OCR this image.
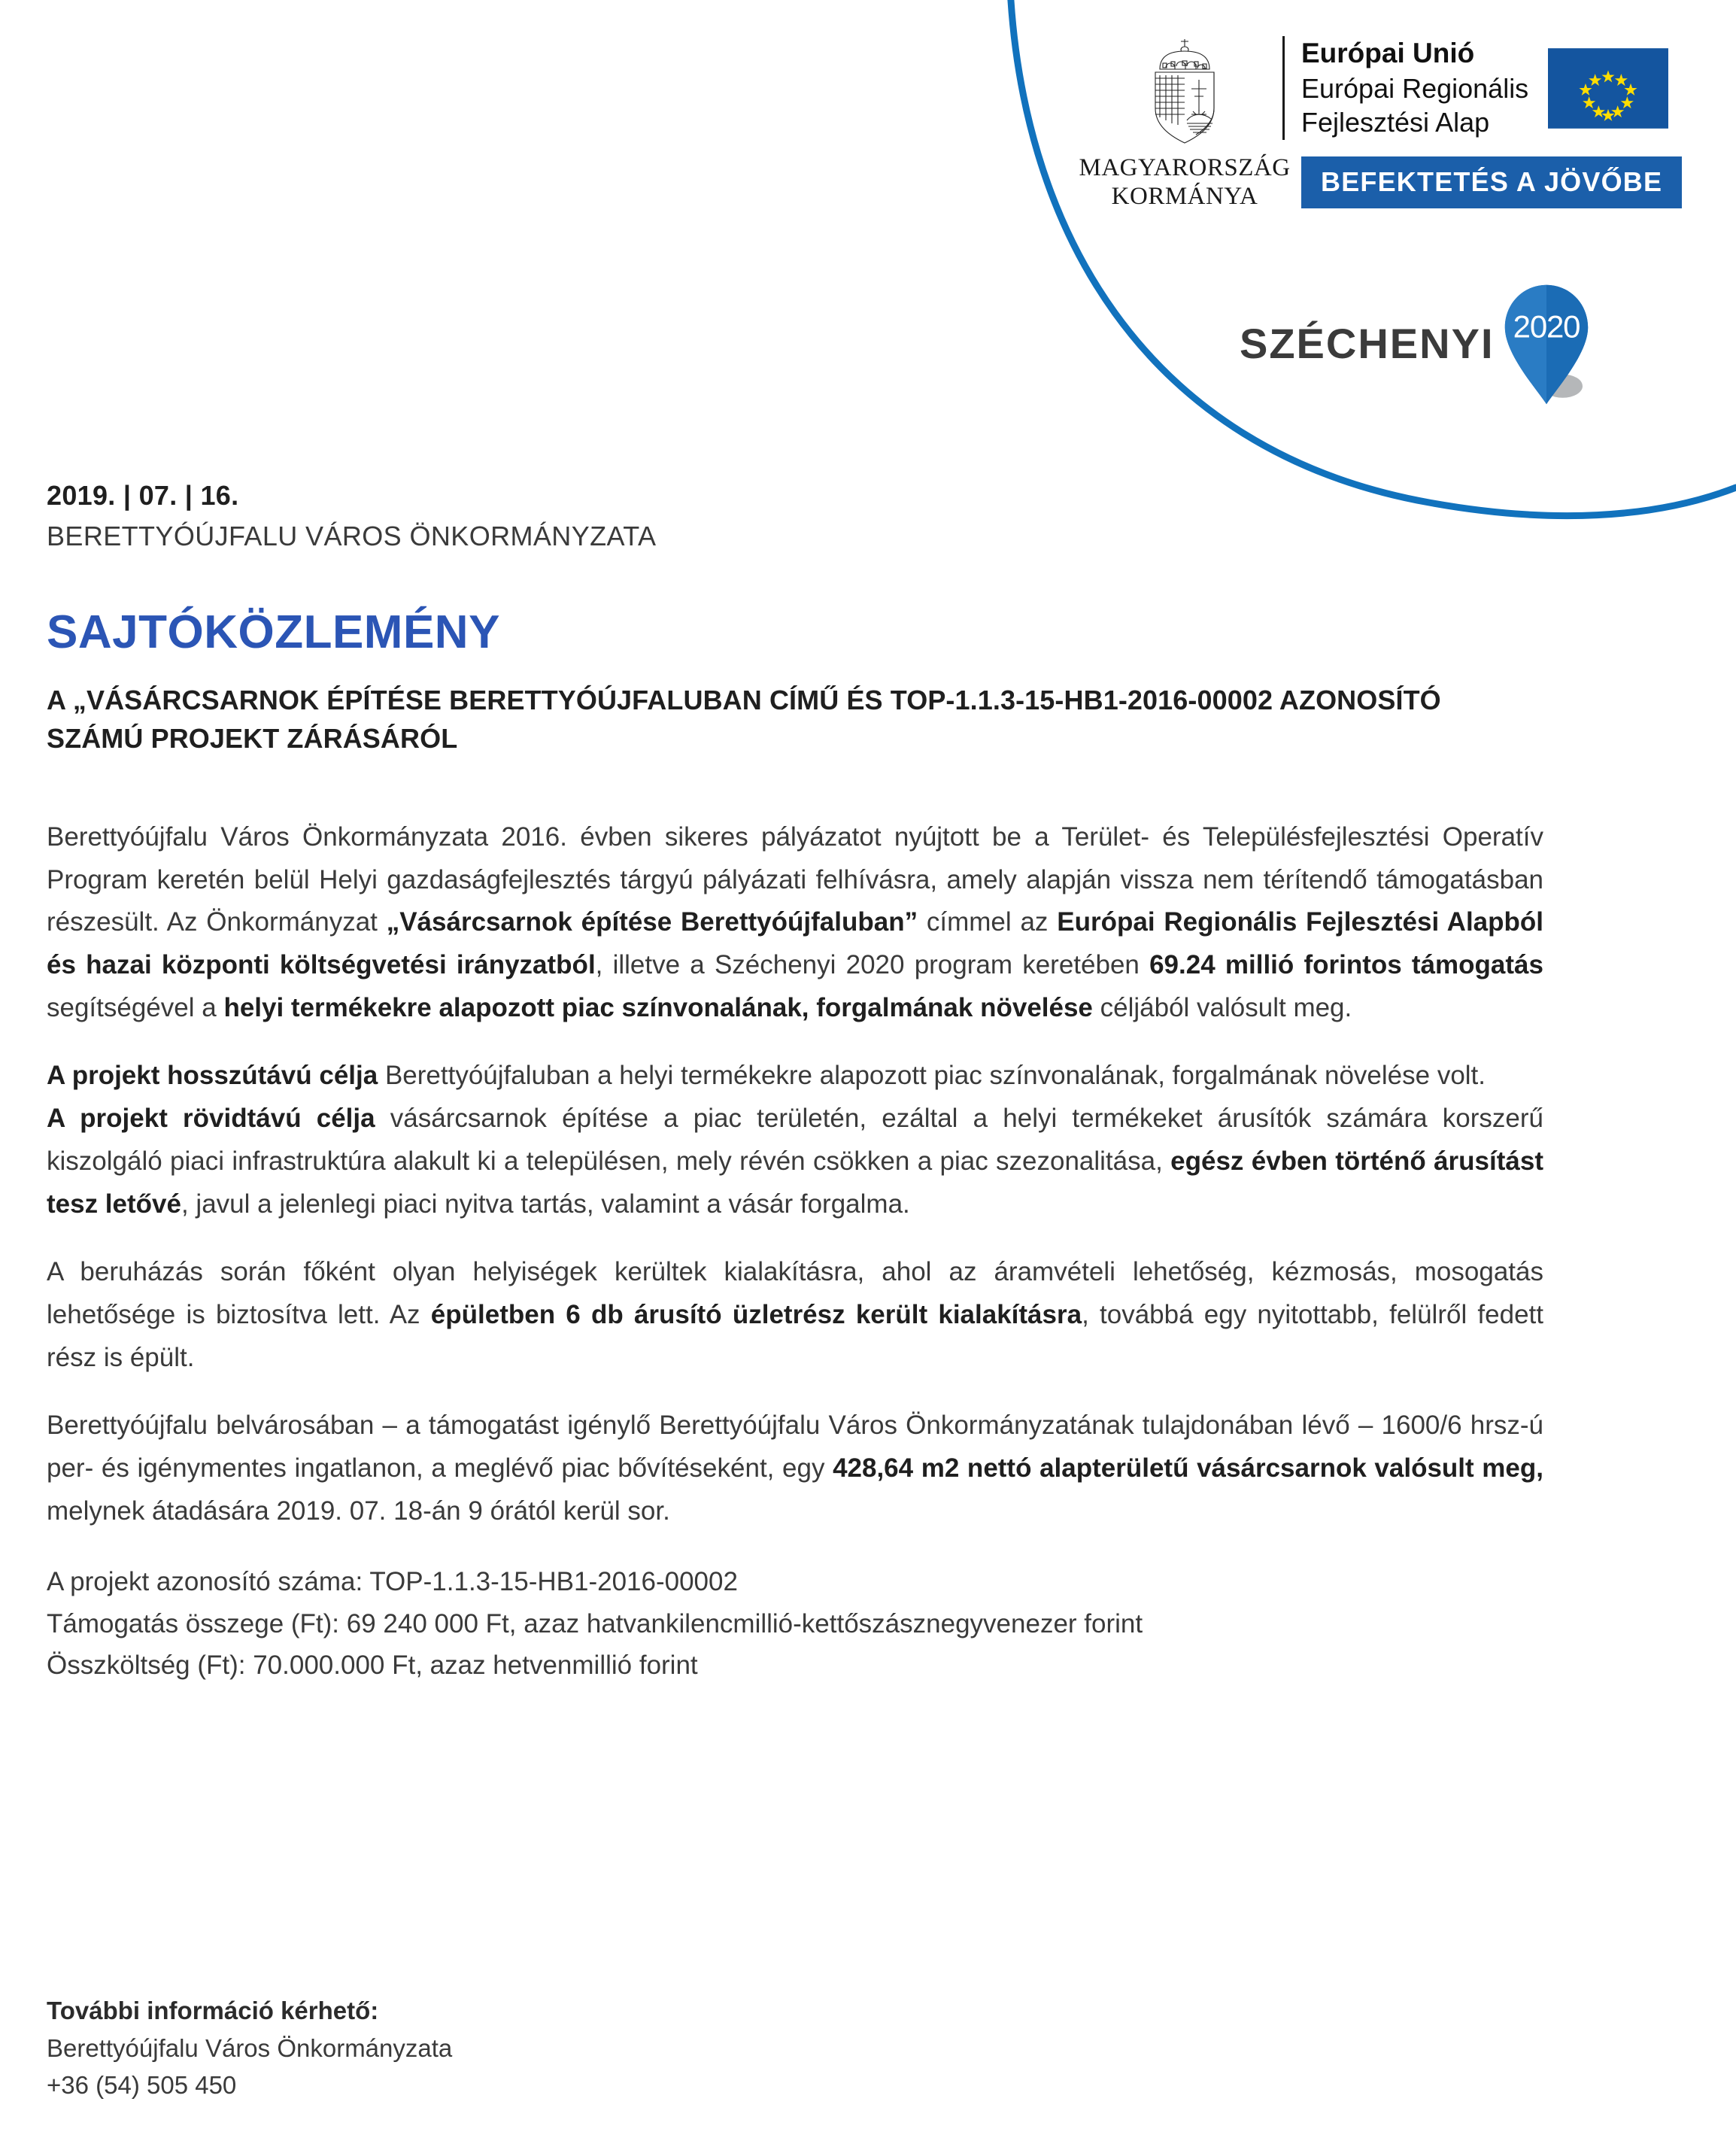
MAGYARORSZÁG
KORMÁNYA
Európai Unió
Európai Regionális
Fejlesztési Alap
BEFEKTETÉS A JÖVŐBE
SZÉCHENYI 2020
2019. | 07. | 16.
BERETTYÓÚJFALU VÁROS ÖNKORMÁNYZATA
SAJTÓKÖZLEMÉNY
A „VÁSÁRCSARNOK ÉPÍTÉSE BERETTYÓÚJFALUBAN CÍMŰ ÉS TOP-1.1.3-15-HB1-2016-00002 AZONOSÍTÓ SZÁMÚ PROJEKT ZÁRÁSÁRÓL

Berettyóújfalu Város Önkormányzata 2016. évben sikeres pályázatot nyújtott be a Terület- és Településfejlesztési Operatív Program keretén belül Helyi gazdaságfejlesztés tárgyú pályázati felhívásra, amely alapján vissza nem térítendő támogatásban részesült. Az Önkormányzat „Vásárcsarnok építése Berettyóújfaluban” címmel az Európai Regionális Fejlesztési Alapból és hazai központi költségvetési irányzatból, illetve a Széchenyi 2020 program keretében 69.24 millió forintos támogatás segítségével a helyi termékekre alapozott piac színvonalának, forgalmának növelése céljából valósult meg.

A projekt hosszútávú célja Berettyóújfaluban a helyi termékekre alapozott piac színvonalának, forgalmának növelése volt.

A projekt rövidtávú célja vásárcsarnok építése a piac területén, ezáltal a helyi termékeket árusítók számára korszerű kiszolgáló piaci infrastruktúra alakult ki a településen, mely révén csökken a piac szezonalitása, egész évben történő árusítást tesz letővé, javul a jelenlegi piaci nyitva tartás, valamint a vásár forgalma.

A beruházás során főként olyan helyiségek kerültek kialakításra, ahol az áramvételi lehetőség, kézmosás, mosogatás lehetősége is biztosítva lett. Az épületben 6 db árusító üzletrész került kialakításra, továbbá egy nyitottabb, felülről fedett rész is épült.

Berettyóújfalu belvárosában – a támogatást igénylő Berettyóújfalu Város Önkormányzatának tulajdonában lévő – 1600/6 hrsz-ú per- és igénymentes ingatlanon, a meglévő piac bővítéseként, egy 428,64 m2 nettó alapterületű vásárcsarnok valósult meg, melynek átadására 2019. 07. 18-án 9 órától kerül sor.

A projekt azonosító száma: TOP-1.1.3-15-HB1-2016-00002
Támogatás összege (Ft): 69 240 000 Ft, azaz hatvankilencmillió-kettőszásznegyvenezer forint
Összköltség (Ft): 70.000.000 Ft, azaz hetvenmillió forint
További információ kérhető:
Berettyóújfalu Város Önkormányzata
+36 (54) 505 450
